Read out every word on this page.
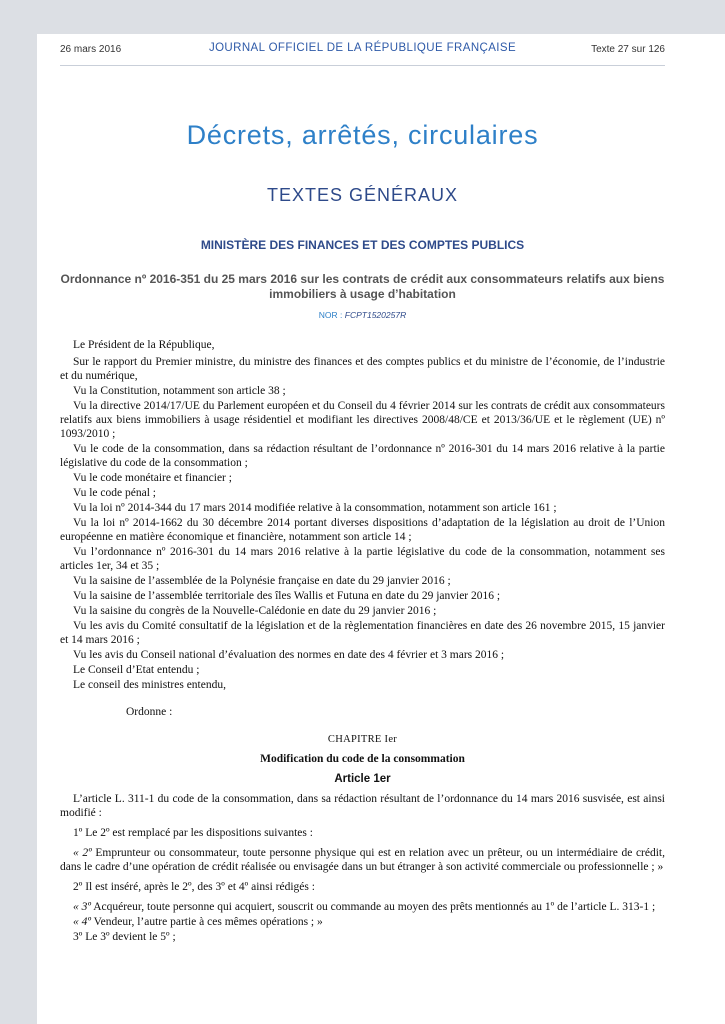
26 mars 2016	JOURNAL OFFICIEL DE LA RÉPUBLIQUE FRANÇAISE	Texte 27 sur 126
Décrets, arrêtés, circulaires
TEXTES GÉNÉRAUX
MINISTÈRE DES FINANCES ET DES COMPTES PUBLICS
Ordonnance nº 2016-351 du 25 mars 2016 sur les contrats de crédit aux consommateurs relatifs aux biens immobiliers à usage d’habitation
NOR : FCPT1520257R

Le Président de la République,

Sur le rapport du Premier ministre, du ministre des finances et des comptes publics et du ministre de l’économie, de l’industrie et du numérique,

Vu la Constitution, notamment son article 38 ;

Vu la directive 2014/17/UE du Parlement européen et du Conseil du 4 février 2014 sur les contrats de crédit aux consommateurs relatifs aux biens immobiliers à usage résidentiel et modifiant les directives 2008/48/CE et 2013/36/UE et le règlement (UE) nº 1093/2010 ;

Vu le code de la consommation, dans sa rédaction résultant de l’ordonnance nº 2016-301 du 14 mars 2016 relative à la partie législative du code de la consommation ;

Vu le code monétaire et financier ;

Vu le code pénal ;

Vu la loi nº 2014-344 du 17 mars 2014 modifiée relative à la consommation, notamment son article 161 ;

Vu la loi nº 2014-1662 du 30 décembre 2014 portant diverses dispositions d’adaptation de la législation au droit de l’Union européenne en matière économique et financière, notamment son article 14 ;

Vu l’ordonnance nº 2016-301 du 14 mars 2016 relative à la partie législative du code de la consommation, notamment ses articles 1er, 34 et 35 ;

Vu la saisine de l’assemblée de la Polynésie française en date du 29 janvier 2016 ;

Vu la saisine de l’assemblée territoriale des îles Wallis et Futuna en date du 29 janvier 2016 ;

Vu la saisine du congrès de la Nouvelle-Calédonie en date du 29 janvier 2016 ;

Vu les avis du Comité consultatif de la législation et de la règlementation financières en date des 26 novembre 2015, 15 janvier et 14 mars 2016 ;

Vu les avis du Conseil national d’évaluation des normes en date des 4 février et 3 mars 2016 ;

Le Conseil d’Etat entendu ;

Le conseil des ministres entendu,

Ordonne :

CHAPITRE Ier

Modification du code de la consommation

Article 1er

L’article L. 311-1 du code de la consommation, dans sa rédaction résultant de l’ordonnance du 14 mars 2016 susvisée, est ainsi modifié :

1º Le 2º est remplacé par les dispositions suivantes :

« 2º Emprunteur ou consommateur, toute personne physique qui est en relation avec un prêteur, ou un intermédiaire de crédit, dans le cadre d’une opération de crédit réalisée ou envisagée dans un but étranger à son activité commerciale ou professionnelle ; »

2º Il est inséré, après le 2º, des 3º et 4º ainsi rédigés :

« 3º Acquéreur, toute personne qui acquiert, souscrit ou commande au moyen des prêts mentionnés au 1º de l’article L. 313-1 ;

« 4º Vendeur, l’autre partie à ces mêmes opérations ; »

3º Le 3º devient le 5º ;
